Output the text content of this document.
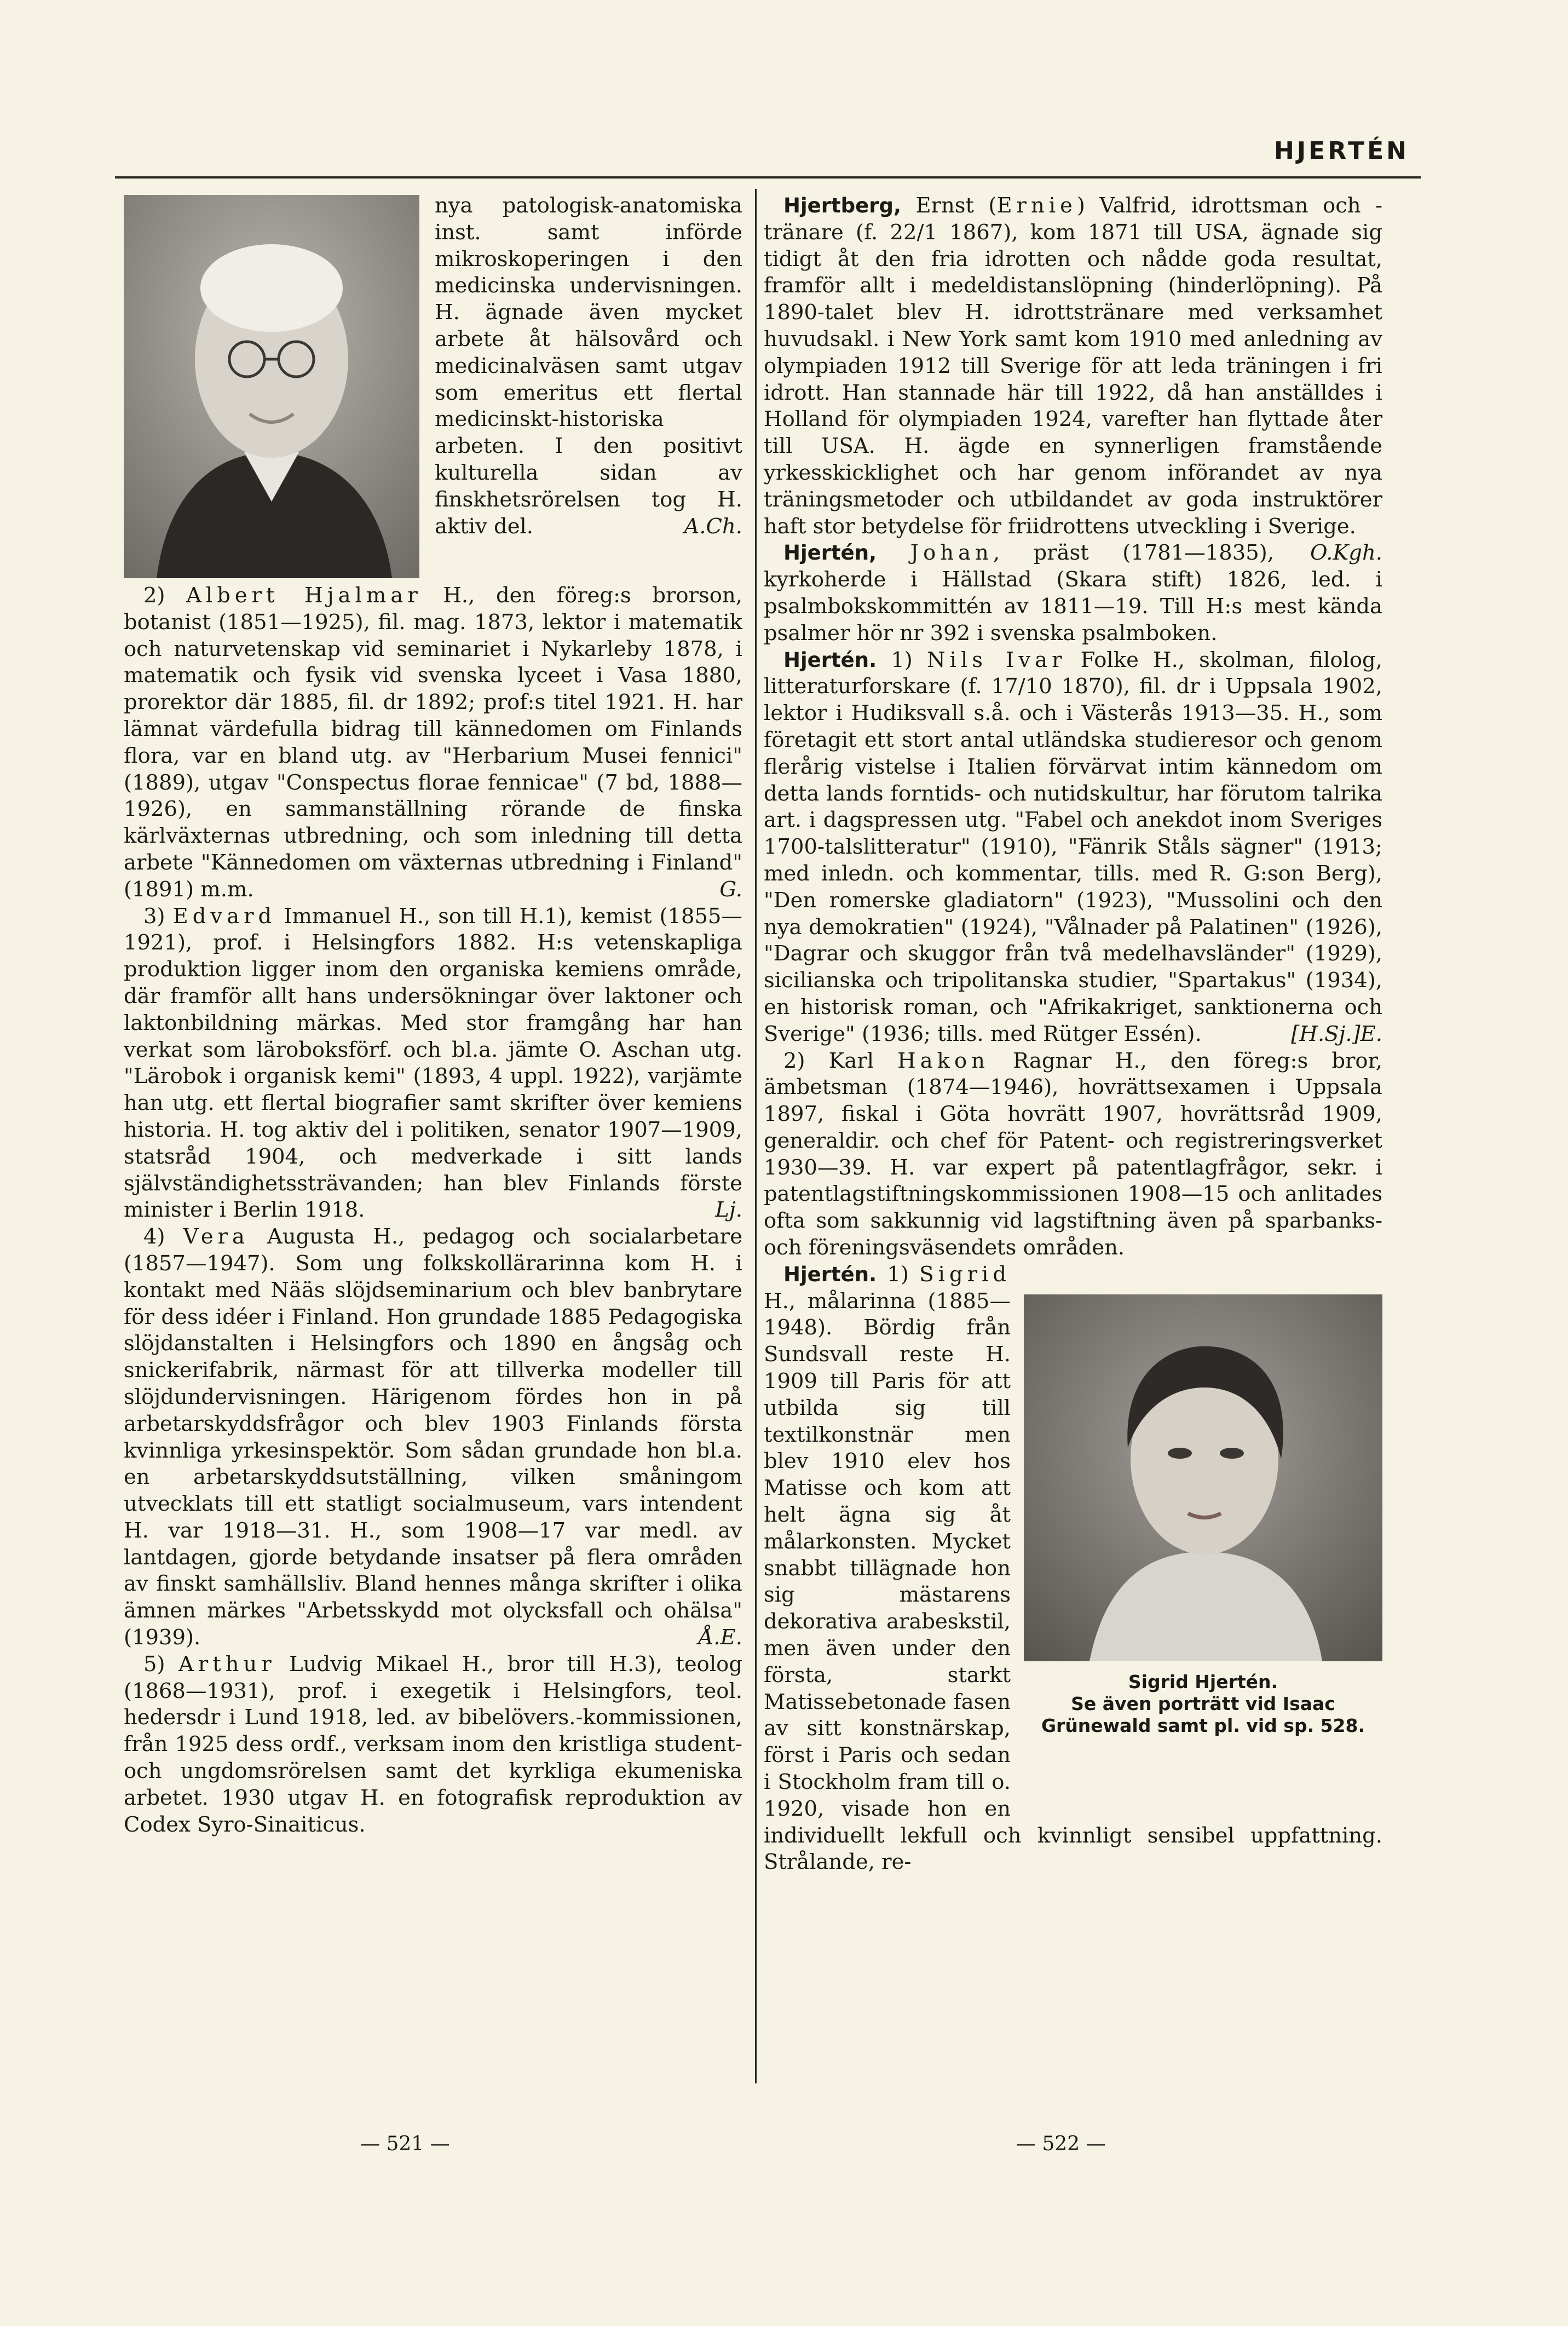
HJERTÉN

nya patologisk-anatomiska inst. samt införde mikroskoperingen i den medicinska undervisningen. H. ägnade även mycket arbete åt hälsovård och medicinalväsen samt utgav som emeritus ett flertal medicinskt-historiska arbeten. I den positivt kulturella sidan av finskhetsrörelsen tog H. aktiv del.	A.Ch.

2) Albert Hjalmar H., den föreg:s brorson, botanist (1851—1925), fil. mag. 1873, lektor i matematik och naturvetenskap vid seminariet i Nykarleby 1878, i matematik och fysik vid svenska lyceet i Vasa 1880, prorektor där 1885, fil. dr 1892; prof:s titel 1921. H. har lämnat värdefulla bidrag till kännedomen om Finlands flora, var en bland utg. av "Herbarium Musei fennici" (1889), utgav "Conspectus florae fennicae" (7 bd, 1888—1926), en sammanställning rörande de finska kärlväxternas utbredning, och som inledning till detta arbete "Kännedomen om växternas utbredning i Finland" (1891) m.m.	G.

3) Edvard Immanuel H., son till H.1), kemist (1855—1921), prof. i Helsingfors 1882. H:s vetenskapliga produktion ligger inom den organiska kemiens område, där framför allt hans undersökningar över laktoner och laktonbildning märkas. Med stor framgång har han verkat som läroboksförf. och bl.a. jämte O. Aschan utg. "Lärobok i organisk kemi" (1893, 4 uppl. 1922), varjämte han utg. ett flertal biografier samt skrifter över kemiens historia. H. tog aktiv del i politiken, senator 1907—1909, statsråd 1904, och medverkade i sitt lands självständighetssträvanden; han blev Finlands förste minister i Berlin 1918.	Lj.

4) Vera Augusta H., pedagog och socialarbetare (1857—1947). Som ung folkskollärarinna kom H. i kontakt med Nääs slöjdseminarium och blev banbrytare för dess idéer i Finland. Hon grundade 1885 Pedagogiska slöjdanstalten i Helsingfors och 1890 en ångsåg och snickerifabrik, närmast för att tillverka modeller till slöjdundervisningen. Härigenom fördes hon in på arbetarskyddsfrågor och blev 1903 Finlands första kvinnliga yrkesinspektör. Som sådan grundade hon bl.a. en arbetarskyddsutställning, vilken småningom utvecklats till ett statligt socialmuseum, vars intendent H. var 1918—31. H., som 1908—17 var medl. av lantdagen, gjorde betydande insatser på flera områden av finskt samhällsliv. Bland hennes många skrifter i olika ämnen märkes "Arbetsskydd mot olycksfall och ohälsa" (1939).	Å.E.

5) Arthur Ludvig Mikael H., bror till H.3), teolog (1868—1931), prof. i exegetik i Helsingfors, teol. hedersdr i Lund 1918, led. av bibelövers.-kommissionen, från 1925 dess ordf., verksam inom den kristliga student- och ungdomsrörelsen samt det kyrkliga ekumeniska arbetet. 1930 utgav H. en fotografisk reproduktion av Codex Syro-Sinaiticus.

Hjertberg, Ernst (Ernie) Valfrid, idrottsman och -tränare (f. 22/1 1867), kom 1871 till USA, ägnade sig tidigt åt den fria idrotten och nådde goda resultat, framför allt i medeldistanslöpning (hinderlöpning). På 1890-talet blev H. idrottstränare med verksamhet huvudsakl. i New York samt kom 1910 med anledning av olympiaden 1912 till Sverige för att leda träningen i fri idrott. Han stannade här till 1922, då han anställdes i Holland för olympiaden 1924, varefter han flyttade åter till USA. H. ägde en synnerligen framstående yrkesskicklighet och har genom införandet av nya träningsmetoder och utbildandet av goda instruktörer haft stor betydelse för friidrottens utveckling i Sverige.
O.Kgh.

Hjertén, Johan, präst (1781—1835), kyrkoherde i Hällstad (Skara stift) 1826, led. i psalmbokskommittén av 1811—19. Till H:s mest kända psalmer hör nr 392 i svenska psalmboken.

Hjertén. 1) Nils Ivar Folke H., skolman, filolog, litteraturforskare (f. 17/10 1870), fil. dr i Uppsala 1902, lektor i Hudiksvall s.å. och i Västerås 1913—35. H., som företagit ett stort antal utländska studieresor och genom flerårig vistelse i Italien förvärvat intim kännedom om detta lands forntids- och nutidskultur, har förutom talrika art. i dagspressen utg. "Fabel och anekdot inom Sveriges 1700-talslitteratur" (1910), "Fänrik Ståls sägner" (1913; med inledn. och kommentar, tills. med R. G:son Berg), "Den romerske gladiatorn" (1923), "Mussolini och den nya demokratien" (1924), "Vålnader på Palatinen" (1926), "Dagrar och skuggor från två medelhavsländer" (1929), sicilianska och tripolitanska studier, "Spartakus" (1934), en historisk roman, och "Afrikakriget, sanktionerna och Sverige" (1936; tills. med Rütger Essén).	[H.Sj.]E.

2) Karl Hakon Ragnar H., den föreg:s bror, ämbetsman (1874—1946), hovrättsexamen i Uppsala 1897, fiskal i Göta hovrätt 1907, hovrättsråd 1909, generaldir. och chef för Patent- och registreringsverket 1930—39. H. var expert på patentlagfrågor, sekr. i patentlagstiftningskommissionen 1908—15 och anlitades ofta som sakkunnig vid lagstiftning även på sparbanks- och föreningsväsendets områden.

Sigrid Hjertén.
Se även porträtt vid Isaac Grünewald samt pl. vid sp. 528.

Hjertén. 1) Sigrid H., målarinna (1885—1948). Bördig från Sundsvall reste H. 1909 till Paris för att utbilda sig till textilkonstnär men blev 1910 elev hos Matisse och kom att helt ägna sig åt målarkonsten. Mycket snabbt tillägnade hon sig mästarens dekorativa arabeskstil, men även under den första, starkt Matissebetonade fasen av sitt konstnärskap, först i Paris och sedan i Stockholm fram till o. 1920, visade hon en individuellt lekfull och kvinnligt sensibel uppfattning. Strålande, re-

— 521 —	— 522 —
